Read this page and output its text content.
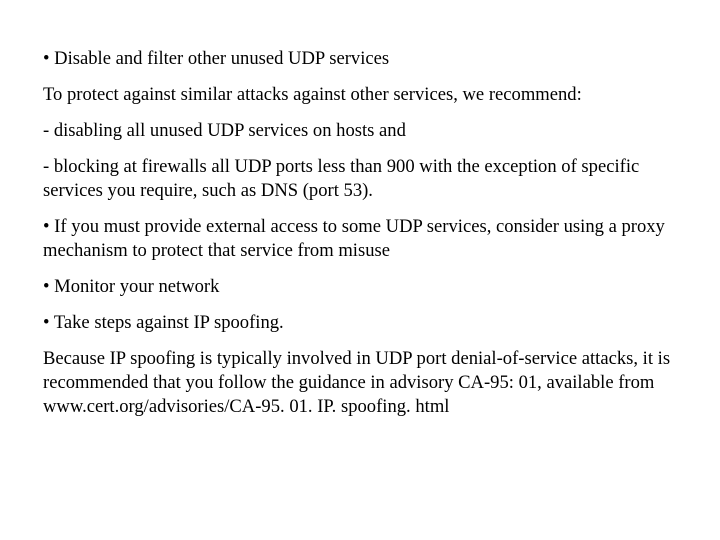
• Disable and filter other unused UDP services

To protect against similar attacks against other services, we recommend:

- disabling all unused UDP services on hosts and

- blocking at firewalls all UDP ports less than 900 with the exception of specific services you require, such as DNS (port 53).

• If you must provide external access to some UDP services, consider using a proxy mechanism to protect that service from misuse

• Monitor your network

• Take steps against IP spoofing.

Because IP spoofing is typically involved in UDP port denial-of-service attacks, it is recommended that you follow the guidance in advisory CA-95: 01, available from www.cert.org/advisories/CA-95. 01. IP. spoofing. html
